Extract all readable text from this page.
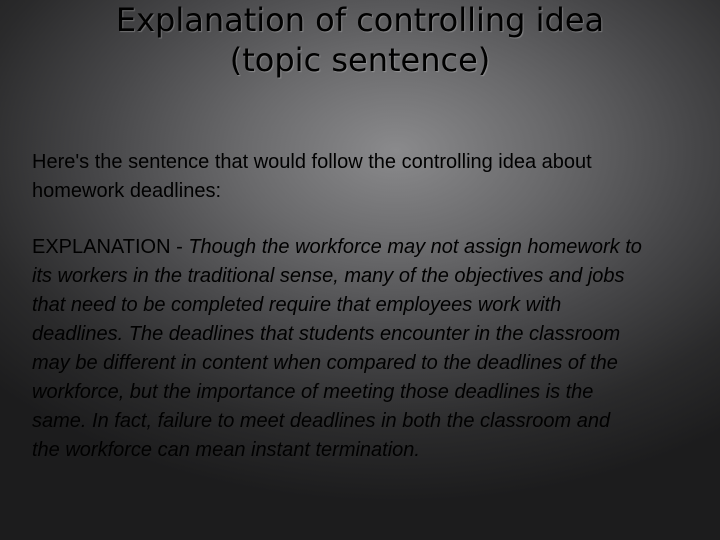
Explanation of controlling idea
(topic sentence)

Here's the sentence that would follow the controlling idea about homework deadlines:

EXPLANATION - Though the workforce may not assign homework to its workers in the traditional sense, many of the objectives and jobs that need to be completed require that employees work with deadlines. The deadlines that students encounter in the classroom may be different in content when compared to the deadlines of the workforce, but the importance of meeting those deadlines is the same. In fact, failure to meet deadlines in both the classroom and the workforce can mean instant termination.
